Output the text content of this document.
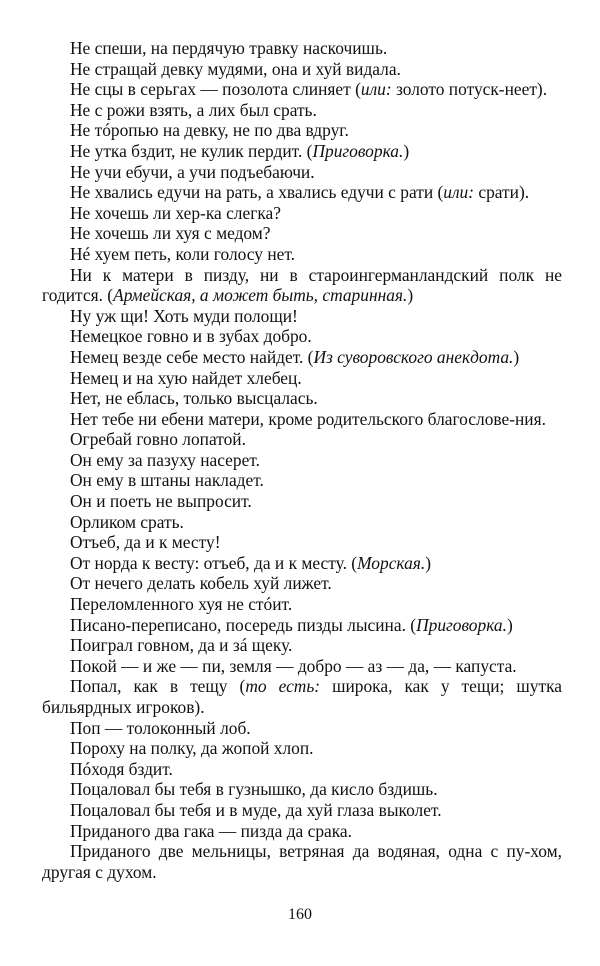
Не спеши, на пердячую травку наскочишь.

Не стращай девку мудями, она и хуй видала.

Не сцы в серьгах — позолота слиняет (или: золото потуск-нeет).

Не с рожи взять, а лих был срать.

Не тóропью на девку, не по два вдруг.

Не утка бздит, не кулик пердит. (Приговорка.)

Не учи ебучи, а учи подъебаючи.

Не хвались едучи на рать, а хвались едучи с рати (или: срати).

Не хочешь ли хер-ка слегка?

Не хочешь ли хуя с медом?

Нé хуем петь, коли голосу нет.

Ни к матери в пизду, ни в староингерманландский полк не годится. (Армейская, а может быть, старинная.)

Ну уж щи! Хоть муди полощи!

Немецкое говно и в зубах добро.

Немец везде себе место найдет. (Из суворовского анекдота.)

Немец и на хую найдет хлебец.

Нет, не еблась, только высцалась.

Нет тебе ни ебени матери, кроме родительского благослове-ния.

Огребай говно лопатой.

Он ему за пазуху насерет.

Он ему в штаны накладет.

Он и поеть не выпросит.

Орликом срать.

Отъеб, да и к месту!

От норда к весту: отъеб, да и к месту. (Морская.)

От нечего делать кобель хуй лижет.

Переломленного хуя не стóит.

Писано-переписано, посередь пизды лысина. (Приговорка.)

Поиграл говном, да и зá щеку.

Покой — и же — пи, земля — добро — аз — да, — капуста.

Попал, как в тещу (то есть: широка, как у тещи; шутка бильярдных игроков).

Поп — толоконный лоб.

Пороху на полку, да жопой хлоп.

Пóходя бздит.

Поцаловал бы тебя в гузнышко, да кисло бздишь.

Поцаловал бы тебя и в муде, да хуй глаза выколет.

Приданого два гака — пизда да срака.

Приданого две мельницы, ветряная да водяная, одна с пу-хом, другая с духом.

160
